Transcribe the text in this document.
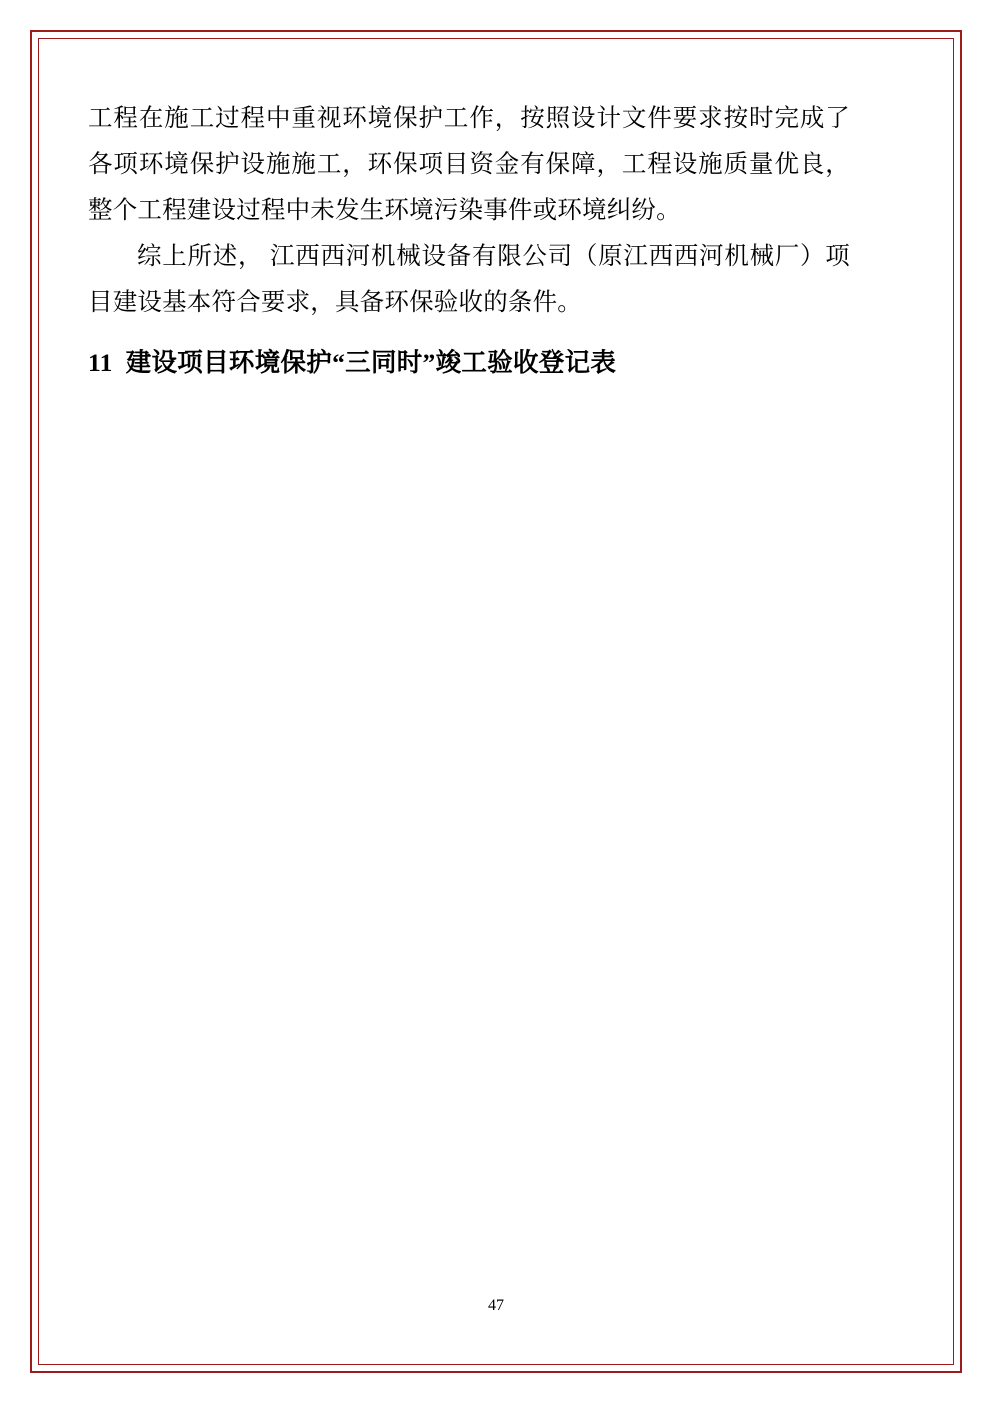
工程在施工过程中重视环境保护工作，按照设计文件要求按时完成了各项环境保护设施施工，环保项目资金有保障，工程设施质量优良，整个工程建设过程中未发生环境污染事件或环境纠纷。

综上所述， 江西西河机械设备有限公司（原江西西河机械厂）项目建设基本符合要求，具备环保验收的条件。

11 建设项目环境保护“三同时”竣工验收登记表
47
